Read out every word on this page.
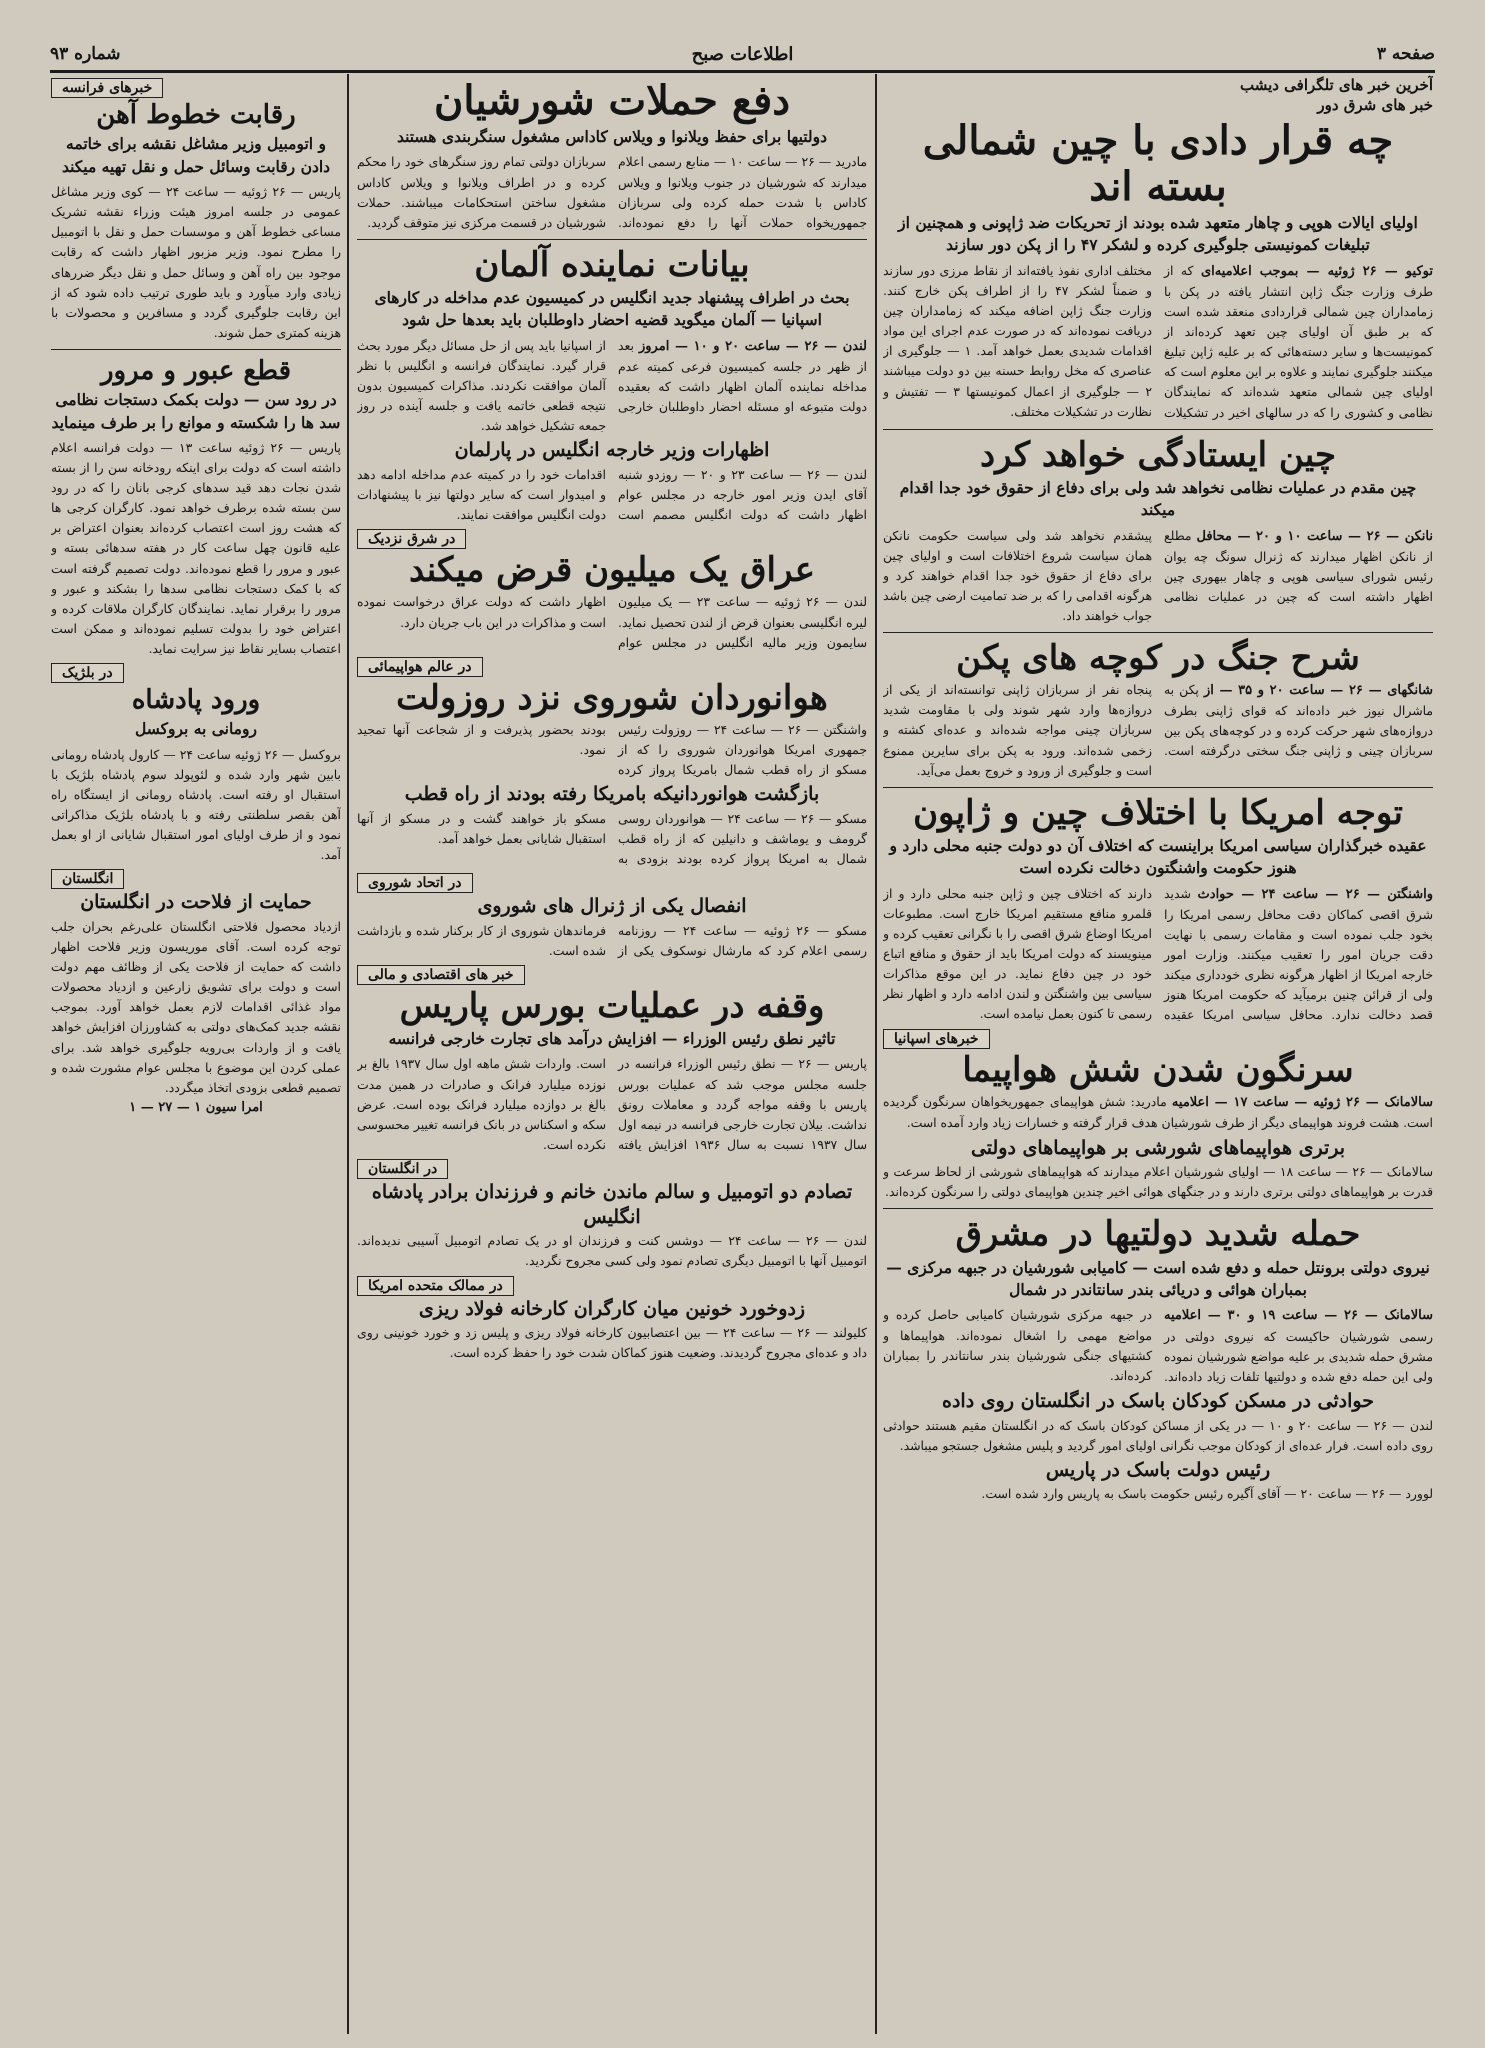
صفحه ۳
اطلاعات صبح
شماره ۹۳
آخرین خبر های تلگرافی دیشب
خبر های شرق دور
چه قرار دادی با چین شمالی بسته اند
اولیای ایالات هوپی و چاهار متعهد شده بودند از تحریکات ضد ژاپونی و همچنین از تبلیغات کمونیستی جلوگیری کرده و لشکر ۴۷ را از پکن دور سازند
توکیو — ۲۶ ژوئیه — بموجب اعلامیه‌ای که از طرف وزارت جنگ ژاپن انتشار یافته در پکن با زمامداران چین شمالی قراردادی منعقد شده است که بر طبق آن اولیای چین تعهد کرده‌اند از کمونیست‌ها و سایر دسته‌هائی که بر علیه ژاپن تبلیغ میکنند جلوگیری نمایند و علاوه بر این معلوم است که اولیای چین شمالی متعهد شده‌اند که نمایندگان نظامی و کشوری را که در سالهای اخیر در تشکیلات مختلف اداری نفوذ یافته‌اند از نقاط مرزی دور سازند و ضمناً لشکر ۴۷ را از اطراف پکن خارج کنند. وزارت جنگ ژاپن اضافه میکند که زمامداران چین دریافت نموده‌اند که در صورت عدم اجرای این مواد اقدامات شدیدی بعمل خواهد آمد. ۱ — جلوگیری از عناصری که مخل روابط حسنه بین دو دولت میباشند ۲ — جلوگیری از اعمال کمونیستها ۳ — تفتیش و نظارت در تشکیلات مختلف.
چین ایستادگی خواهد کرد
چین مقدم در عملیات نظامی نخواهد شد ولی برای دفاع از حقوق خود جدا اقدام میکند
نانکن — ۲۶ — ساعت ۱۰ و ۲۰ — محافل مطلع از نانکن اظهار میدارند که ژنرال سونگ چه یوان رئیس شورای سیاسی هوپی و چاهار ببهوری چین اظهار داشته است که چین در عملیات نظامی پیشقدم نخواهد شد ولی سیاست حکومت نانکن همان سیاست شروع اختلافات است و اولیای چین برای دفاع از حقوق خود جدا اقدام خواهند کرد و هرگونه اقدامی را که بر ضد تمامیت ارضی چین باشد جواب خواهند داد.
شرح جنگ در کوچه های پکن
شانگهای — ۲۶ — ساعت ۲۰ و ۳۵ — از پکن به ماشرال نیوز خبر داده‌اند که قوای ژاپنی بطرف دروازه‌های شهر حرکت کرده و در کوچه‌های پکن بین سربازان چینی و ژاپنی جنگ سختی درگرفته است. پنجاه نفر از سربازان ژاپنی توانسته‌اند از یکی از دروازه‌ها وارد شهر شوند ولی با مقاومت شدید سربازان چینی مواجه شده‌اند و عده‌ای کشته و زخمی شده‌اند. ورود به پکن برای سایرین ممنوع است و جلوگیری از ورود و خروج بعمل می‌آید.
توجه امریکا با اختلاف چین و ژاپون
عقیده خبرگذاران سیاسی امریکا براینست که اختلاف آن دو دولت جنبه محلی دارد و هنوز حکومت واشنگتون دخالت نکرده است
واشنگتن — ۲۶ — ساعت ۲۴ — حوادث شدید شرق اقصی کماکان دقت محافل رسمی امریکا را بخود جلب نموده است و مقامات رسمی با نهایت دقت جریان امور را تعقیب میکنند. وزارت امور خارجه امریکا از اظهار هرگونه نظری خودداری میکند ولی از قرائن چنین برمیآید که حکومت امریکا هنوز قصد دخالت ندارد. محافل سیاسی امریکا عقیده دارند که اختلاف چین و ژاپن جنبه محلی دارد و از قلمرو منافع مستقیم امریکا خارج است. مطبوعات امریکا اوضاع شرق اقصی را با نگرانی تعقیب کرده و مینویسند که دولت امریکا باید از حقوق و منافع اتباع خود در چین دفاع نماید. در این موقع مذاکرات سیاسی بین واشنگتن و لندن ادامه دارد و اظهار نظر رسمی تا کنون بعمل نیامده است.
خبرهای اسپانیا
سرنگون شدن شش هواپیما
سالامانک — ۲۶ ژوئیه — ساعت ۱۷ — اعلامیه مادرید: شش هواپیمای جمهوریخواهان سرنگون گردیده است. هشت فروند هواپیمای دیگر از طرف شورشیان هدف قرار گرفته و خسارات زیاد وارد آمده است.
برتری هواپیماهای شورشی بر هواپیماهای دولتی
سالامانک — ۲۶ — ساعت ۱۸ — اولیای شورشیان اعلام میدارند که هواپیماهای شورشی از لحاظ سرعت و قدرت بر هواپیماهای دولتی برتری دارند و در جنگهای هوائی اخیر چندین هواپیمای دولتی را سرنگون کرده‌اند.
حمله شدید دولتیها در مشرق
نیروی دولتی برونتل حمله و دفع شده است — کامیابی شورشیان در جبهه مرکزی — بمباران هوائی و دریائی بندر سانتاندر در شمال
سالامانک — ۲۶ — ساعت ۱۹ و ۳۰ — اعلامیه رسمی شورشیان حاکیست که نیروی دولتی در مشرق حمله شدیدی بر علیه مواضع شورشیان نموده ولی این حمله دفع شده و دولتیها تلفات زیاد داده‌اند. در جبهه مرکزی شورشیان کامیابی حاصل کرده و مواضع مهمی را اشغال نموده‌اند. هواپیماها و کشتیهای جنگی شورشیان بندر سانتاندر را بمباران کرده‌اند.
حوادثی در مسکن کودکان باسک در انگلستان روی داده
لندن — ۲۶ — ساعت ۲۰ و ۱۰ — در یکی از مساکن کودکان باسک که در انگلستان مقیم هستند حوادثی روی داده است. فرار عده‌ای از کودکان موجب نگرانی اولیای امور گردید و پلیس مشغول جستجو میباشد.
رئیس دولت باسک در پاریس
لوورد — ۲۶ — ساعت ۲۰ — آقای آگیره رئیس حکومت باسک به پاریس وارد شده است.
دفع حملات شورشیان
دولتیها برای حفظ ویلانوا و ویلاس کاداس مشغول سنگربندی هستند
مادرید — ۲۶ — ساعت ۱۰ — منابع رسمی اعلام میدارند که شورشیان در جنوب ویلانوا و ویلاس کاداس با شدت حمله کرده ولی سربازان جمهوریخواه حملات آنها را دفع نموده‌اند. سربازان دولتی تمام روز سنگرهای خود را محکم کرده و در اطراف ویلانوا و ویلاس کاداس مشغول ساختن استحکامات میباشند. حملات شورشیان در قسمت مرکزی نیز متوقف گردید.
بیانات نماینده آلمان
بحث در اطراف پیشنهاد جدید انگلیس در کمیسیون عدم مداخله در کارهای اسپانیا — آلمان میگوید قضیه احضار داوطلبان باید بعدها حل شود
لندن — ۲۶ — ساعت ۲۰ و ۱۰ — امروز بعد از ظهر در جلسه کمیسیون فرعی کمیته عدم مداخله نماینده آلمان اظهار داشت که بعقیده دولت متبوعه او مسئله احضار داوطلبان خارجی از اسپانیا باید پس از حل مسائل دیگر مورد بحث قرار گیرد. نمایندگان فرانسه و انگلیس با نظر آلمان موافقت نکردند. مذاکرات کمیسیون بدون نتیجه قطعی خاتمه یافت و جلسه آینده در روز جمعه تشکیل خواهد شد.
اظهارات وزیر خارجه انگلیس در پارلمان
لندن — ۲۶ — ساعت ۲۳ و ۲۰ — روزدو شنبه آقای ایدن وزیر امور خارجه در مجلس عوام اظهار داشت که دولت انگلیس مصمم است اقدامات خود را در کمیته عدم مداخله ادامه دهد و امیدوار است که سایر دولتها نیز با پیشنهادات دولت انگلیس موافقت نمایند.
در شرق نزدیک
عراق یک میلیون قرض میکند
لندن — ۲۶ ژوئیه — ساعت ۲۳ — یک میلیون لیره انگلیسی بعنوان قرض از لندن تحصیل نماید. سایمون وزیر مالیه انگلیس در مجلس عوام اظهار داشت که دولت عراق درخواست نموده است و مذاکرات در این باب جریان دارد.
در عالم هواپیمائی
هوانوردان شوروی نزد روزولت
واشنگتن — ۲۶ — ساعت ۲۴ — روزولت رئیس جمهوری امریکا هوانوردان شوروی را که از مسکو از راه قطب شمال بامریکا پرواز کرده بودند بحضور پذیرفت و از شجاعت آنها تمجید نمود.
بازگشت هوانوردانیکه بامریکا رفته بودند از راه قطب
مسکو — ۲۶ — ساعت ۲۴ — هوانوردان روسی گرومف و یوماشف و دانیلین که از راه قطب شمال به امریکا پرواز کرده بودند بزودی به مسکو باز خواهند گشت و در مسکو از آنها استقبال شایانی بعمل خواهد آمد.
در اتحاد شوروی
انفصال یکی از ژنرال های شوروی
مسکو — ۲۶ ژوئیه — ساعت ۲۴ — روزنامه رسمی اعلام کرد که مارشال نوسکوف یکی از فرماندهان شوروی از کار برکنار شده و بازداشت شده است.
خبر های اقتصادی و مالی
وقفه در عملیات بورس پاریس
تاثیر نطق رئیس الوزراء — افزایش درآمد های تجارت خارجی فرانسه
پاریس — ۲۶ — نطق رئیس الوزراء فرانسه در جلسه مجلس موجب شد که عملیات بورس پاریس با وقفه مواجه گردد و معاملات رونق نداشت. بیلان تجارت خارجی فرانسه در نیمه اول سال ۱۹۳۷ نسبت به سال ۱۹۳۶ افزایش یافته است. واردات شش ماهه اول سال ۱۹۳۷ بالغ بر نوزده میلیارد فرانک و صادرات در همین مدت بالغ بر دوازده میلیارد فرانک بوده است. عرض سکه و اسکناس در بانک فرانسه تغییر محسوسی نکرده است.
در انگلستان
تصادم دو اتومبیل و سالم ماندن خانم و فرزندان برادر پادشاه انگلیس
لندن — ۲۶ — ساعت ۲۴ — دوشس کنت و فرزندان او در یک تصادم اتومبیل آسیبی ندیده‌اند. اتومبیل آنها با اتومبیل دیگری تصادم نمود ولی کسی مجروح نگردید.
در ممالک متحده امریکا
زدوخورد خونین میان کارگران کارخانه فولاد ریزی
کلیولند — ۲۶ — ساعت ۲۴ — بین اعتصابیون کارخانه فولاد ریزی و پلیس زد و خورد خونینی روی داد و عده‌ای مجروح گردیدند. وضعیت هنوز کماکان شدت خود را حفظ کرده است.
خبرهای فرانسه
رقابت خطوط آهن
و اتومبیل وزیر مشاغل نقشه برای خاتمه دادن رقابت وسائل حمل و نقل تهیه میکند
پاریس — ۲۶ ژوئیه — ساعت ۲۴ — کوی وزیر مشاغل عمومی در جلسه امروز هیئت وزراء نقشه تشریک مساعی خطوط آهن و موسسات حمل و نقل با اتومبیل را مطرح نمود. وزیر مزبور اظهار داشت که رقابت موجود بین راه آهن و وسائل حمل و نقل دیگر ضررهای زیادی وارد میآورد و باید طوری ترتیب داده شود که از این رقابت جلوگیری گردد و مسافرین و محصولات با هزینه کمتری حمل شوند.
قطع عبور و مرور
در رود سن — دولت بکمک دستجات نظامی سد ها را شکسته و موانع را بر طرف مینماید
پاریس — ۲۶ ژوئیه ساعت ۱۳ — دولت فرانسه اعلام داشته است که دولت برای اینکه رودخانه سن را از بسته شدن نجات دهد قید سدهای کرجی بانان را که در رود سن بسته شده برطرف خواهد نمود. کارگران کرجی ها که هشت روز است اعتصاب کرده‌اند بعنوان اعتراض بر علیه قانون چهل ساعت کار در هفته سدهائی بسته و عبور و مرور را قطع نموده‌اند. دولت تصمیم گرفته است که با کمک دستجات نظامی سدها را بشکند و عبور و مرور را برقرار نماید. نمایندگان کارگران ملاقات کرده و اعتراض خود را بدولت تسلیم نموده‌اند و ممکن است اعتصاب بسایر نقاط نیز سرایت نماید.
در بلژیک
ورود پادشاه
رومانی به بروکسل
بروکسل — ۲۶ ژوئیه ساعت ۲۴ — کارول پادشاه رومانی بابین شهر وارد شده و لئوپولد سوم پادشاه بلژیک با استقبال او رفته است. پادشاه رومانی از ایستگاه راه آهن بقصر سلطنتی رفته و با پادشاه بلژیک مذاکراتی نمود و از طرف اولیای امور استقبال شایانی از او بعمل آمد.
انگلستان
حمایت از فلاحت در انگلستان
ازدیاد محصول فلاحتی انگلستان علی‌رغم بحران جلب توجه کرده است. آقای موریسون وزیر فلاحت اظهار داشت که حمایت از فلاحت یکی از وظائف مهم دولت است و دولت برای تشویق زارعین و ازدیاد محصولات مواد غذائی اقدامات لازم بعمل خواهد آورد. بموجب نقشه جدید کمک‌های دولتی به کشاورزان افزایش خواهد یافت و از واردات بی‌رویه جلوگیری خواهد شد. برای عملی کردن این موضوع با مجلس عوام مشورت شده و تصمیم قطعی بزودی اتخاذ میگردد.
امرا سیون ۱ — ۲۷ — ۱
